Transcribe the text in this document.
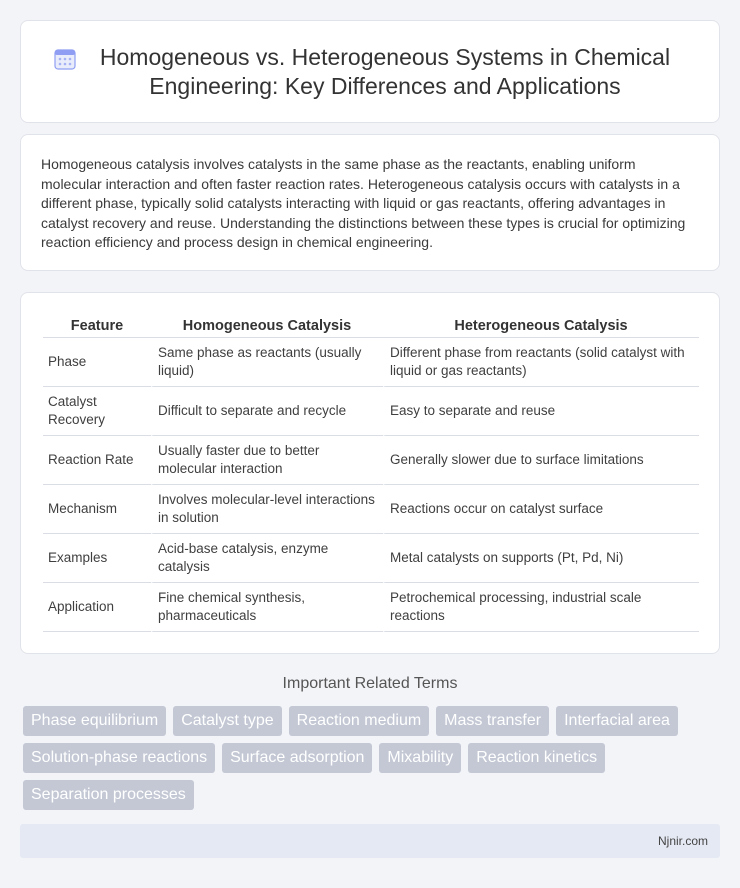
Homogeneous vs. Heterogeneous Systems in Chemical Engineering: Key Differences and Applications

Homogeneous catalysis involves catalysts in the same phase as the reactants, enabling uniform molecular interaction and often faster reaction rates. Heterogeneous catalysis occurs with catalysts in a different phase, typically solid catalysts interacting with liquid or gas reactants, offering advantages in catalyst recovery and reuse. Understanding the distinctions between these types is crucial for optimizing reaction efficiency and process design in chemical engineering.

Feature	Homogeneous Catalysis	Heterogeneous Catalysis
Phase	Same phase as reactants (usually liquid)	Different phase from reactants (solid catalyst with liquid or gas reactants)
Catalyst Recovery	Difficult to separate and recycle	Easy to separate and reuse
Reaction Rate	Usually faster due to better molecular interaction	Generally slower due to surface limitations
Mechanism	Involves molecular-level interactions in solution	Reactions occur on catalyst surface
Examples	Acid-base catalysis, enzyme catalysis	Metal catalysts on supports (Pt, Pd, Ni)
Application	Fine chemical synthesis, pharmaceuticals	Petrochemical processing, industrial scale reactions
Important Related Terms
Phase equilibrium	Catalyst type	Reaction medium	Mass transfer	Interfacial area
Solution-phase reactions	Surface adsorption	Mixability	Reaction kinetics
Separation processes
Njnir.com
